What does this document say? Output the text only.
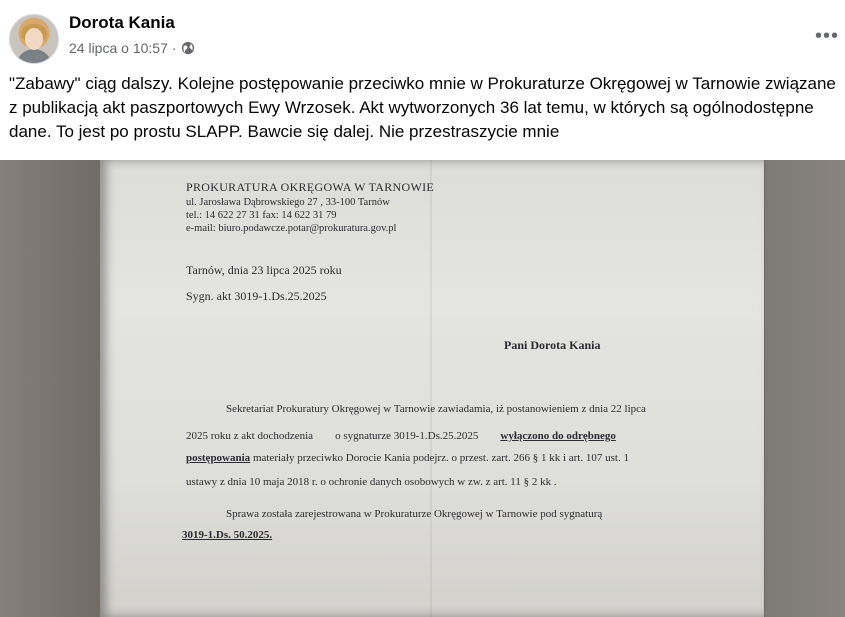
Dorota Kania
24 lipca o 10:57 ·
•••
"Zabawy" ciąg dalszy. Kolejne postępowanie przeciwko mnie w Prokuraturze Okręgowej w Tarnowie związane z publikacją akt paszportowych Ewy Wrzosek. Akt wytworzonych 36 lat temu, w których są ogólnodostępne dane. To jest po prostu SLAPP. Bawcie się dalej. Nie przestraszycie mnie
PROKURATURA OKRĘGOWA W TARNOWIE
ul. Jarosława Dąbrowskiego 27 , 33-100 Tarnów
tel.: 14 622 27 31 fax: 14 622 31 79
e-mail: biuro.podawcze.potar@prokuratura.gov.pl
Tarnów, dnia 23 lipca 2025 roku
Sygn. akt 3019-1.Ds.25.2025
Pani Dorota Kania
Sekretariat Prokuratury Okręgowej w Tarnowie zawiadamia, iż postanowieniem z dnia 22 lipca
2025 roku z akt dochodzenia o sygnaturze 3019-1.Ds.25.2025 wyłączono do odrębnego
postępowania materiały przeciwko Dorocie Kania podejrz. o przest. zart. 266 § 1 kk i art. 107 ust. 1
ustawy z dnia 10 maja 2018 r. o ochronie danych osobowych w zw. z art. 11 § 2 kk .
Sprawa została zarejestrowana w Prokuraturze Okręgowej w Tarnowie pod sygnaturą
3019-1.Ds. 50.2025.
